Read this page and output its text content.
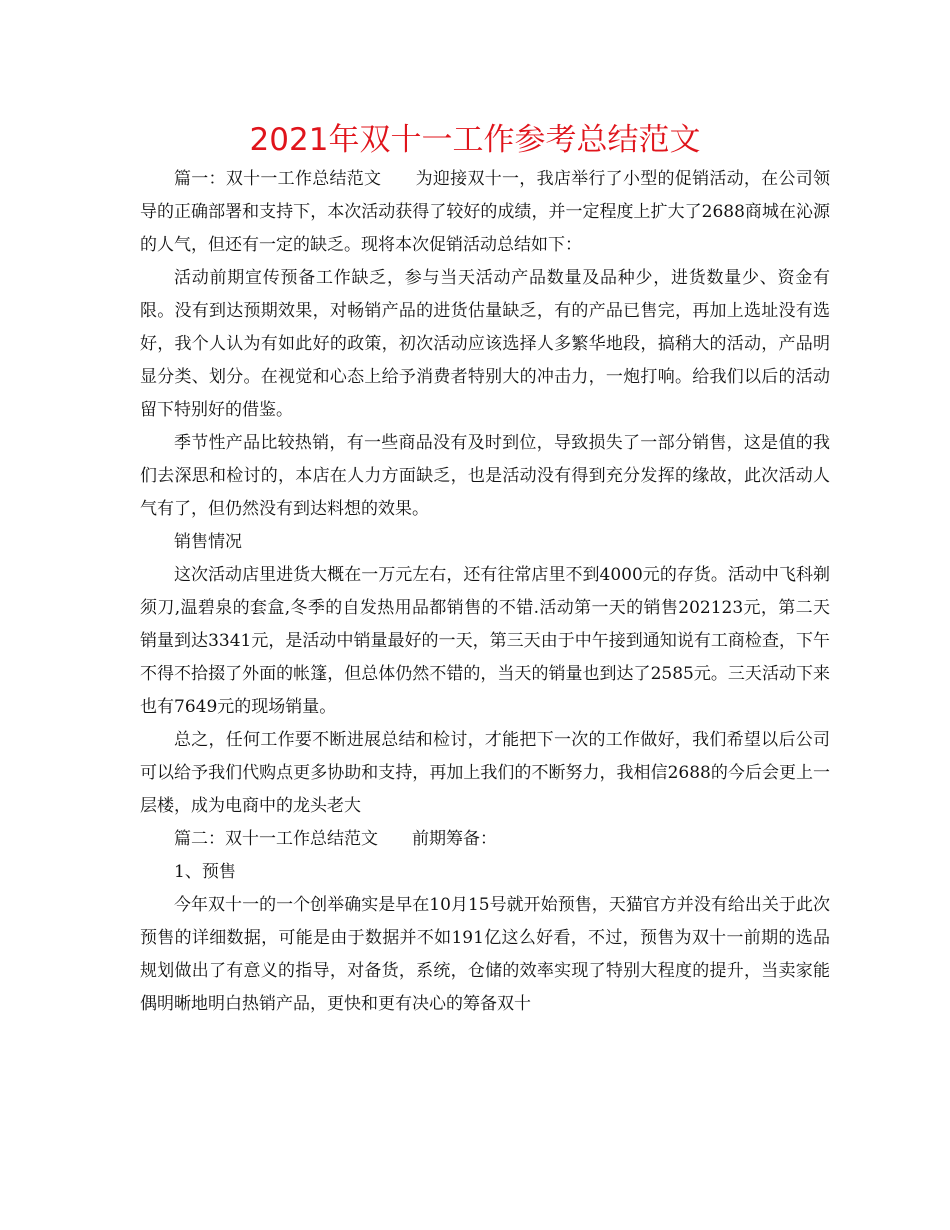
2021年双十一工作参考总结范文

篇一：双十一工作总结范文 为迎接双十一，我店举行了小型的促销活动，在公司领导的正确部署和支持下，本次活动获得了较好的成绩，并一定程度上扩大了2688商城在沁源的人气，但还有一定的缺乏。现将本次促销活动总结如下：

活动前期宣传预备工作缺乏，参与当天活动产品数量及品种少，进货数量少、资金有限。没有到达预期效果，对畅销产品的进货估量缺乏，有的产品已售完，再加上选址没有选好，我个人认为有如此好的政策，初次活动应该选择人多繁华地段，搞稍大的活动，产品明显分类、划分。在视觉和心态上给予消费者特别大的冲击力，一炮打响。给我们以后的活动留下特别好的借鉴。

季节性产品比较热销，有一些商品没有及时到位，导致损失了一部分销售，这是值的我们去深思和检讨的，本店在人力方面缺乏，也是活动没有得到充分发挥的缘故，此次活动人气有了，但仍然没有到达料想的效果。

销售情况

这次活动店里进货大概在一万元左右，还有往常店里不到4000元的存货。活动中飞科剃须刀,温碧泉的套盒,冬季的自发热用品都销售的不错.活动第一天的销售202123元，第二天销量到达3341元，是活动中销量最好的一天，第三天由于中午接到通知说有工商检查，下午不得不拾掇了外面的帐篷，但总体仍然不错的，当天的销量也到达了2585元。三天活动下来也有7649元的现场销量。

总之，任何工作要不断进展总结和检讨，才能把下一次的工作做好，我们希望以后公司可以给予我们代购点更多协助和支持，再加上我们的不断努力，我相信2688的今后会更上一层楼，成为电商中的龙头老大

篇二：双十一工作总结范文 前期筹备：

1、预售

今年双十一的一个创举确实是早在10月15号就开始预售，天猫官方并没有给出关于此次预售的详细数据，可能是由于数据并不如191亿这么好看，不过，预售为双十一前期的选品规划做出了有意义的指导，对备货，系统，仓储的效率实现了特别大程度的提升，当卖家能偶明晰地明白热销产品，更快和更有决心的筹备双十
